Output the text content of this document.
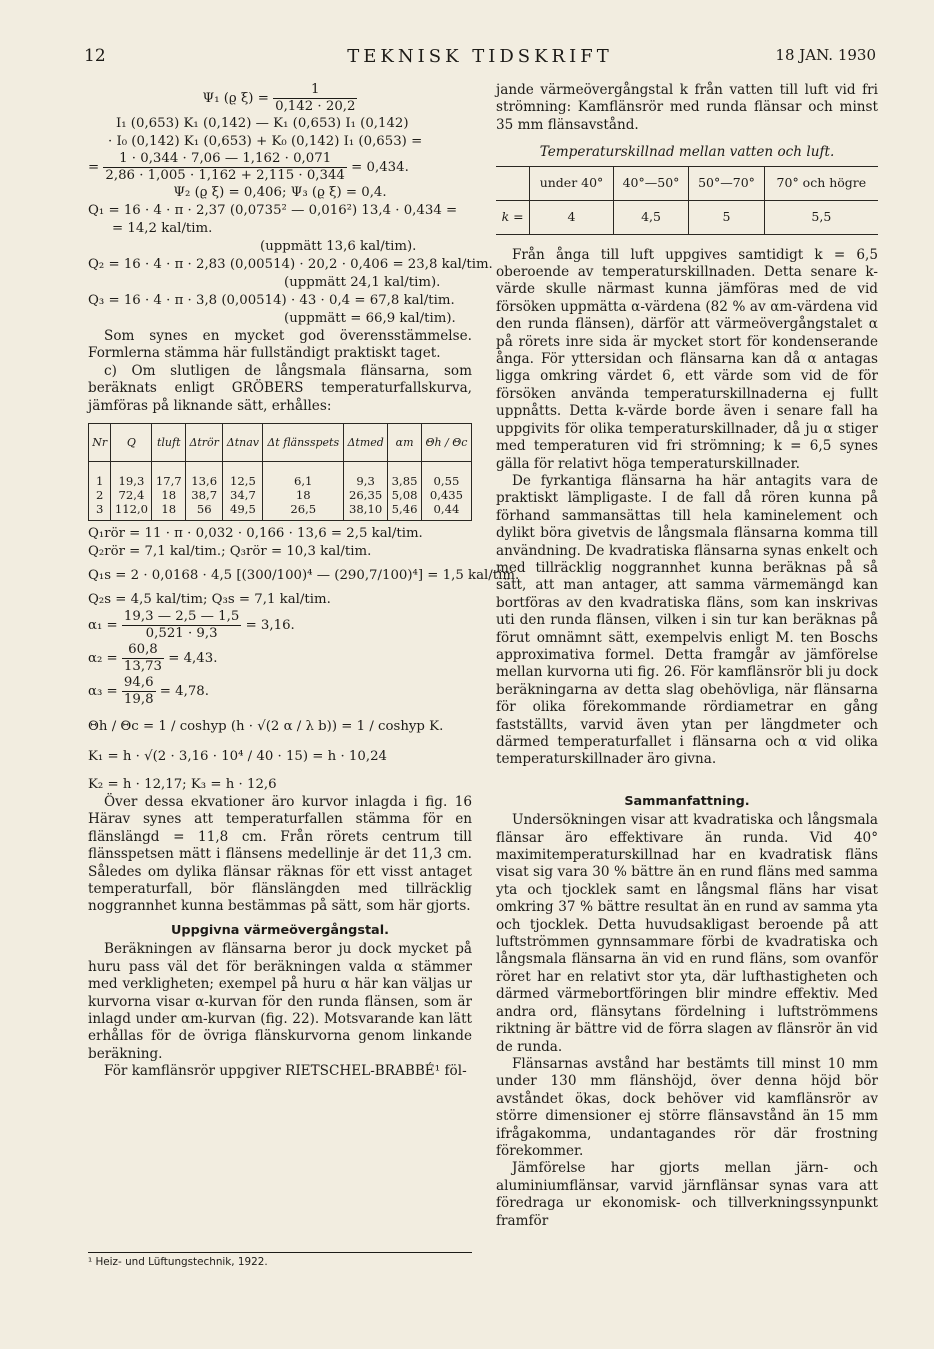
12	TEKNISK TIDSKRIFT	18 JAN. 1930
Ψ₁ (ϱ $\xi) = \frac{1}{0,142 \cdot 20,2}$
I₁ (0,653) K₁ (0,142) — K₁ (0,653) I₁ (0,142)
· I₀ (0,142) K₁ (0,653) + K₀ (0,142) I₁ (0,653) =
= $\frac{1 \cdot 0,344 \cdot 7,06 — 1,162 \cdot 0,071}{2,86 \cdot 1,005 \cdot 1,162 + 2,115 \cdot 0,344} = 0,434$.
Ψ₂ (ϱ ξ) = 0,406; Ψ₃ (ϱ ξ) = 0,4.
Q₁ = 16 · 4 · π · 2,37 (0,0735² — 0,016²) 13,4 · 0,434 =
= 14,2 kal/tim.
(uppmätt 13,6 kal/tim).
Q₂ = 16 · 4 · π · 2,83 (0,00514) · 20,2 · 0,406 = 23,8 kal/tim.
(uppmätt 24,1 kal/tim).
Q₃ = 16 · 4 · π · 3,8 (0,00514) · 43 · 0,4 = 67,8 kal/tim.
(uppmätt = 66,9 kal/tim).

Som synes en mycket god överensstämmelse. Formlerna stämma här fullständigt praktiskt taget.

c) Om slutligen de långsmala flänsarna, som beräknats enligt GRÖBERS temperaturfallskurva, jämföras på liknande sätt, erhålles:

Nr	Q	tluft	Δtrör	Δtnav	Δt flänsspets	Δtmed	αm	Θh / Θc
1	19,3	17,7	13,6	12,5	6,1	9,3	3,85	0,55
2	72,4	18	38,7	34,7	18	26,35	5,08	0,435
3	112,0	18	56	49,5	26,5	38,10	5,46	0,44
Q₁rör = 11 · π · 0,032 · 0,166 · 13,6 = 2,5 kal/tim.
Q₂rör = 7,1 kal/tim.; Q₃rör = 10,3 kal/tim.
Q₁s = 2 · 0,0168 · 4,5 [(300/100)⁴ — (290,7/100)⁴] = 1,5 kal/tim.
Q₂s = 4,5 kal/tim; Q₃s = 7,1 kal/tim.
$\alpha_1 = \frac{19,3 — 2,5 — 1,5}{0,521 \cdot 9,3} = 3,16$.
$\alpha_2 = \frac{60,8}{13,73} = 4,43$.
$\alpha_3 = \frac{94,6}{19,8} = 4,78$.
Θh / Θc = 1 / coshyp (h · √(2 α / λ b)) = 1 / coshyp K.
K₁ = h · √(2 · 3,16 · 10⁴ / 40 · 15) = h · 10,24
K₂ = h · 12,17; K₃ = h · 12,6

Över dessa ekvationer äro kurvor inlagda i fig. 16 Härav synes att temperaturfallen stämma för en flänslängd = 11,8 cm. Från rörets centrum till flänsspetsen mätt i flänsens medellinje är det 11,3 cm. Således om dylika flänsar räknas för ett visst antaget temperaturfall, bör flänslängden med tillräcklig noggrannhet kunna bestämmas på sätt, som här gjorts.

Uppgivna värmeövergångstal.

Beräkningen av flänsarna beror ju dock mycket på huru pass väl det för beräkningen valda α stämmer med verkligheten; exempel på huru α här kan väljas ur kurvorna visar α-kurvan för den runda flänsen, som är inlagd under αm-kurvan (fig. 22). Motsvarande kan lätt erhållas för de övriga flänskurvorna genom linkande beräkning.

För kamflänsrör uppgiver RIETSCHEL-BRABBÉ¹ föl-

¹ Heiz- und Lüftungstechnik, 1922.

jande värmeövergångstal k från vatten till luft vid fri strömning: Kamflänsrör med runda flänsar och minst 35 mm flänsavstånd.

Temperaturskillnad mellan vatten och luft.
	under 40°	40°—50°	50°—70°	70° och högre
k =	4	4,5	5	5,5

Från ånga till luft uppgives samtidigt k = 6,5 oberoende av temperaturskillnaden. Detta senare k-värde skulle närmast kunna jämföras med de vid försöken uppmätta α-värdena (82 % av αm-värdena vid den runda flänsen), därför att värmeövergångstalet α på rörets inre sida är mycket stort för kondenserande ånga. För yttersidan och flänsarna kan då α antagas ligga omkring värdet 6, ett värde som vid de för försöken använda temperaturskillnaderna ej fullt uppnåtts. Detta k-värde borde även i senare fall ha uppgivits för olika temperaturskillnader, då ju α stiger med temperaturen vid fri strömning; k = 6,5 synes gälla för relativt höga temperaturskillnader.

De fyrkantiga flänsarna ha här antagits vara de praktiskt lämpligaste. I de fall då rören kunna på förhand sammansättas till hela kaminelement och dylikt böra givetvis de långsmala flänsarna komma till användning. De kvadratiska flänsarna synas enkelt och med tillräcklig noggrannhet kunna beräknas på så sätt, att man antager, att samma värmemängd kan bortföras av den kvadratiska fläns, som kan inskrivas uti den runda flänsen, vilken i sin tur kan beräknas på förut omnämnt sätt, exempelvis enligt M. ten Boschs approximativa formel. Detta framgår av jämförelse mellan kurvorna uti fig. 26. För kamflänsrör bli ju dock beräkningarna av detta slag obehövliga, när flänsarna för olika förekommande rördiametrar en gång fastställts, varvid även ytan per längdmeter och därmed temperaturfallet i flänsarna och α vid olika temperaturskillnader äro givna.

Sammanfattning.

Undersökningen visar att kvadratiska och långsmala flänsar äro effektivare än runda. Vid 40° maximitemperaturskillnad har en kvadratisk fläns visat sig vara 30 % bättre än en rund fläns med samma yta och tjocklek samt en långsmal fläns har visat omkring 37 % bättre resultat än en rund av samma yta och tjocklek. Detta huvudsakligast beroende på att luftströmmen gynnsammare förbi de kvadratiska och långsmala flänsarna än vid en rund fläns, som ovanför röret har en relativt stor yta, där lufthastigheten och därmed värmebortföringen blir mindre effektiv. Med andra ord, flänsytans fördelning i luftströmmens riktning är bättre vid de förra slagen av flänsrör än vid de runda.

Flänsarnas avstånd har bestämts till minst 10 mm under 130 mm flänshöjd, över denna höjd bör avståndet ökas, dock behöver vid kamflänsrör av större dimensioner ej större flänsavstånd än 15 mm ifrågakomma, undantagandes rör där frostning förekommer.

Jämförelse har gjorts mellan järn- och aluminiumflänsar, varvid järnflänsar synas vara att föredraga ur ekonomisk- och tillverkningssynpunkt framför
